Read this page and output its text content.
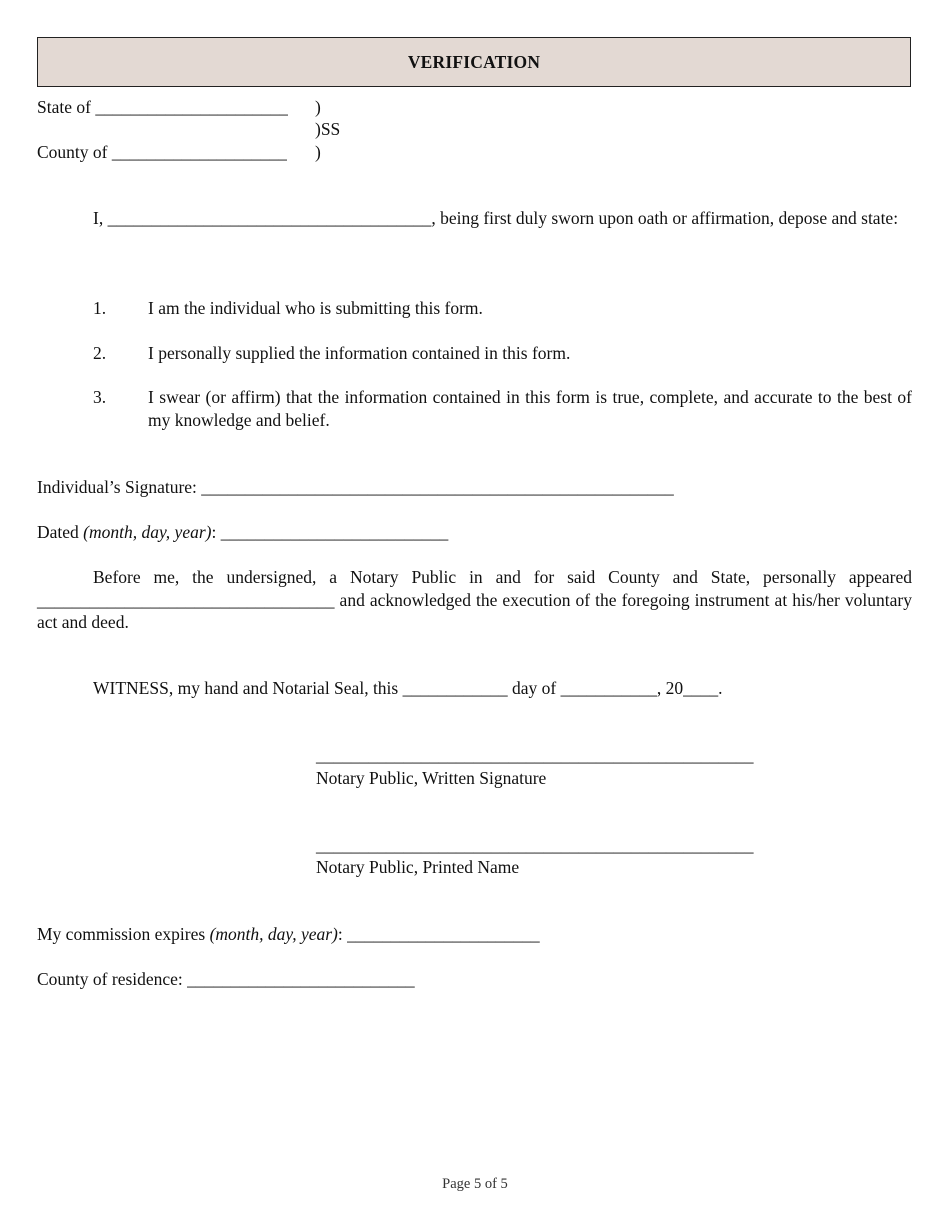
VERIFICATION
State of ______________________ )
)SS
County of ____________________ )
I, _____________________________________, being first duly sworn upon oath or affirmation, depose and state:
1. I am the individual who is submitting this form.
2. I personally supplied the information contained in this form.
3. I swear (or affirm) that the information contained in this form is true, complete, and accurate to the best of my knowledge and belief.
Individual’s Signature: ______________________________________________________
Dated (month, day, year): __________________________
Before me, the undersigned, a Notary Public in and for said County and State, personally appeared __________________________________ and acknowledged the execution of the foregoing instrument at his/her voluntary act and deed.
WITNESS, my hand and Notarial Seal, this ____________ day of ___________, 20____.
__________________________________________________
Notary Public, Written Signature
__________________________________________________
Notary Public, Printed Name
My commission expires (month, day, year): ______________________
County of residence: __________________________
Page 5 of 5
